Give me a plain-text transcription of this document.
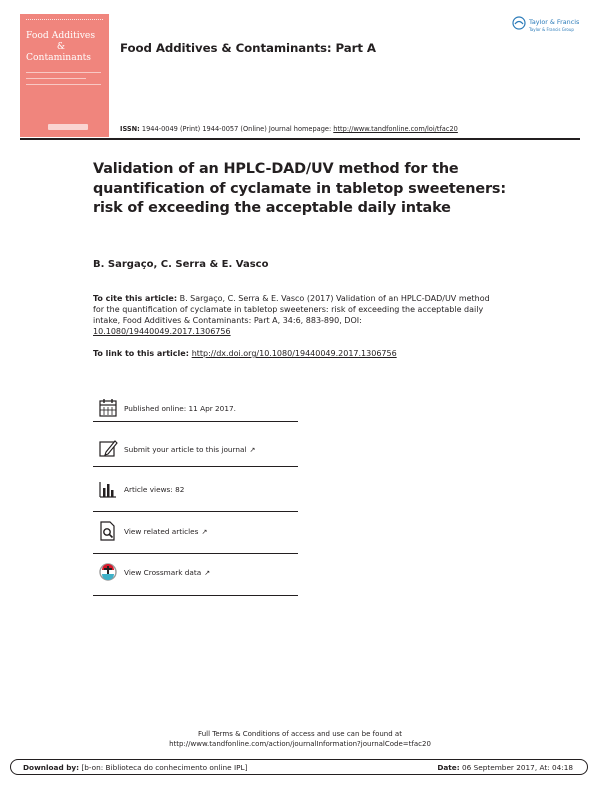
Food Additives
&
Contaminants
Food Additives & Contaminants: Part A
Taylor & Francis
Taylor & Francis Group
ISSN: 1944-0049 (Print) 1944-0057 (Online) Journal homepage: http://www.tandfonline.com/loi/tfac20
Validation of an HPLC-DAD/UV method for the quantification of cyclamate in tabletop sweeteners: risk of exceeding the acceptable daily intake
B. Sargaço, C. Serra & E. Vasco
To cite this article: B. Sargaço, C. Serra & E. Vasco (2017) Validation of an HPLC-DAD/UV method for the quantification of cyclamate in tabletop sweeteners: risk of exceeding the acceptable daily intake, Food Additives & Contaminants: Part A, 34:6, 883-890, DOI: 10.1080/19440049.2017.1306756
To link to this article: http://dx.doi.org/10.1080/19440049.2017.1306756
Published online: 11 Apr 2017.
Submit your article to this journal ↗
Article views: 82
View related articles ↗
View Crossmark data ↗
Full Terms & Conditions of access and use can be found at
http://www.tandfonline.com/action/journalInformation?journalCode=tfac20
Download by: [b-on: Biblioteca do conhecimento online IPL]	Date: 06 September 2017, At: 04:18
